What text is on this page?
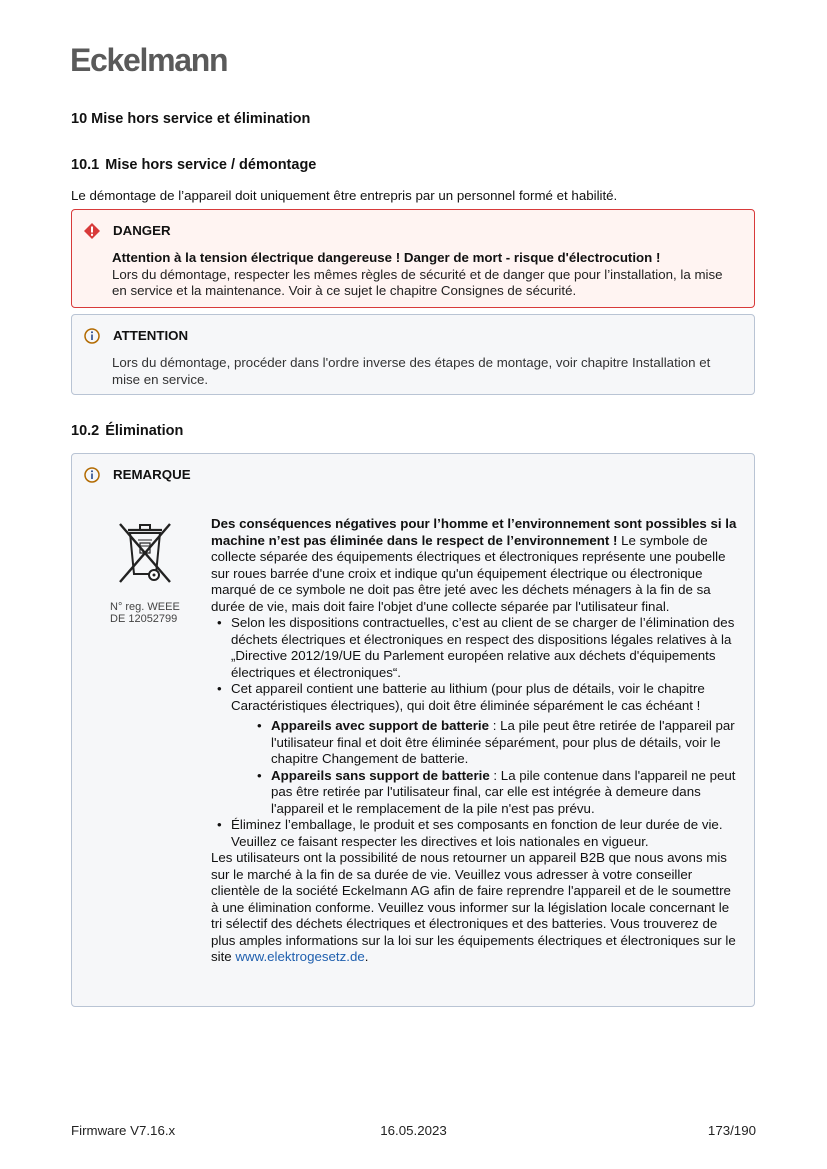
Eckelmann
10 Mise hors service et élimination
10.1 Mise hors service / démontage
Le démontage de l’appareil doit uniquement être entrepris par un personnel formé et habilité.
DANGER

Attention à la tension électrique dangereuse ! Danger de mort - risque d'électrocution !

Lors du démontage, respecter les mêmes règles de sécurité et de danger que pour l’installation, la mise en service et la maintenance. Voir à ce sujet le chapitre Consignes de sécurité.

ATTENTION

Lors du démontage, procéder dans l'ordre inverse des étapes de montage, voir chapitre Installation et mise en service.

10.2 Élimination
REMARQUE
N° reg. WEEE
DE 12052799

Des conséquences négatives pour l’homme et l’environnement sont possibles si la machine n’est pas éliminée dans le respect de l’environnement ! Le symbole de collecte séparée des équipements électriques et électroniques représente une poubelle sur roues barrée d'une croix et indique qu'un équipement électrique ou électronique marqué de ce symbole ne doit pas être jeté avec les déchets ménagers à la fin de sa durée de vie, mais doit faire l'objet d'une collecte séparée par l'utilisateur final.

• Selon les dispositions contractuelles, c’est au client de se charger de l’élimination des déchets électriques et électroniques en respect des dispositions légales relatives à la „Directive 2012/19/UE du Parlement européen relative aux déchets d'équipements électriques et électroniques“.
• Cet appareil contient une batterie au lithium (pour plus de détails, voir le chapitre Caractéristiques électriques), qui doit être éliminée séparément le cas échéant !
• Appareils avec support de batterie : La pile peut être retirée de l'appareil par l'utilisateur final et doit être éliminée séparément, pour plus de détails, voir le chapitre Changement de batterie.
• Appareils sans support de batterie : La pile contenue dans l'appareil ne peut pas être retirée par l'utilisateur final, car elle est intégrée à demeure dans l'appareil et le remplacement de la pile n'est pas prévu.
• Éliminez l’emballage, le produit et ses composants en fonction de leur durée de vie. Veuillez ce faisant respecter les directives et lois nationales en vigueur.

Les utilisateurs ont la possibilité de nous retourner un appareil B2B que nous avons mis sur le marché à la fin de sa durée de vie. Veuillez vous adresser à votre conseiller clientèle de la société Eckelmann AG afin de faire reprendre l'appareil et de le soumettre à une élimination conforme. Veuillez vous informer sur la législation locale concernant le tri sélectif des déchets électriques et électroniques et des batteries. Vous trouverez de plus amples informations sur la loi sur les équipements électriques et électroniques sur le site www.elektrogesetz.de.

Firmware V7.16.x	16.05.2023	173/190
